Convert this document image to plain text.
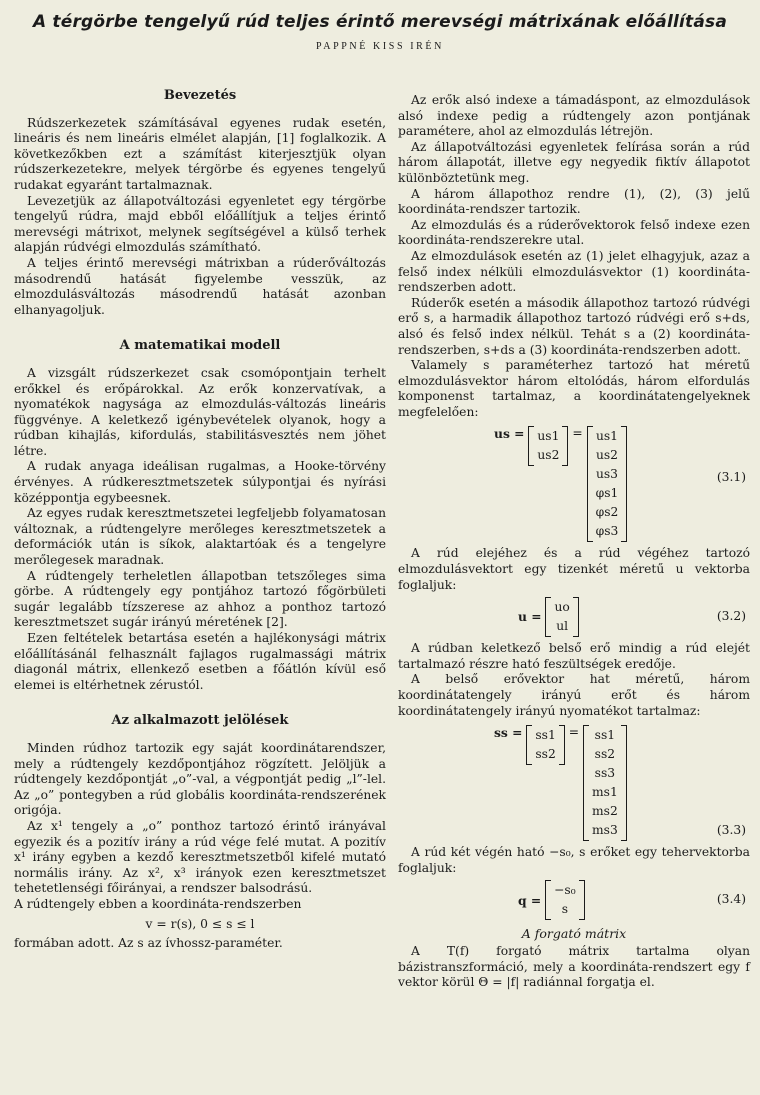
A térgörbe tengelyű rúd teljes érintő merevségi mátrixának előállítása
PAPPNÉ KISS IRÉN
Bevezetés

Rúdszerkezetek számításával egyenes rudak esetén, lineáris és nem lineáris elmélet alapján, [1] foglalkozik. A következőkben ezt a számítást kiterjesztjük olyan rúdszerkezetekre, melyek térgörbe és egyenes tengelyű rudakat egyaránt tartalmaznak.

Levezetjük az állapotváltozási egyenletet egy térgörbe tengelyű rúdra, majd ebből előállítjuk a teljes érintő merevségi mátrixot, melynek segítségével a külső terhek alapján rúdvégi elmozdulás számítható.

A teljes érintő merevségi mátrixban a rúderőváltozás másodrendű hatását figyelembe vesszük, az elmozdulásváltozás másodrendű hatását azonban elhanyagoljuk.

A matematikai modell

A vizsgált rúdszerkezet csak csomópontjain terhelt erőkkel és erőpárokkal. Az erők konzervatívak, a nyomatékok nagysága az elmozdulás-változás lineáris függvénye. A keletkező igénybevételek olyanok, hogy a rúdban kihajlás, kifordulás, stabilitásvesztés nem jöhet létre.

A rudak anyaga ideálisan rugalmas, a Hooke-törvény érvényes. A rúdkeresztmetszetek súlypontjai és nyírási középpontja egybeesnek.

Az egyes rudak keresztmetszetei legfeljebb folyamatosan változnak, a rúdtengelyre merőleges keresztmetszetek a deformációk után is síkok, alaktartóak és a tengelyre merőlegesek maradnak.

A rúdtengely terheletlen állapotban tetszőleges sima görbe. A rúdtengely egy pontjához tartozó főgörbületi sugár legalább tízszerese az ahhoz a ponthoz tartozó keresztmetszet sugár irányú méretének [2].

Ezen feltételek betartása esetén a hajlékonysági mátrix előállításánál felhasznált fajlagos rugalmassági mátrix diagonál mátrix, ellenkező esetben a főátlón kívül eső elemei is eltérhetnek zérustól.

Az alkalmazott jelölések

Minden rúdhoz tartozik egy saját koordinátarendszer, mely a rúdtengely kezdőpontjához rögzített. Jelöljük a rúdtengely kezdőpontját „o”-val, a végpontját pedig „l”-lel. Az „o” pontegyben a rúd globális koordináta-rendszerének origója.

Az x¹ tengely a „o” ponthoz tartozó érintő irányával egyezik és a pozitív irány a rúd vége felé mutat. A pozitív x¹ irány egyben a kezdő keresztmetszetből kifelé mutató normális irány. Az x², x³ irányok ezen keresztmetszet tehetetlenségi főirányai, a rendszer balsodrású.

A rúdtengely ebben a koordináta-rendszerben

v = r(s), 0 ≤ s ≤ l

formában adott. Az s az ívhossz-paraméter.

Az erők alsó indexe a támadáspont, az elmozdulások alsó indexe pedig a rúdtengely azon pontjának paramétere, ahol az elmozdulás létrejön.

Az állapotváltozási egyenletek felírása során a rúd három állapotát, illetve egy negyedik fiktív állapotot különböztetünk meg.

A három állapothoz rendre (1), (2), (3) jelű koordináta-rendszer tartozik.

Az elmozdulás és a rúderővektorok felső indexe ezen koordináta-rendszerekre utal.

Az elmozdulások esetén az (1) jelet elhagyjuk, azaz a felső index nélküli elmozdulásvektor (1) koordináta-rendszerben adott.

Rúderők esetén a második állapothoz tartozó rúdvégi erő s, a harmadik állapothoz tartozó rúdvégi erő s+ds, alsó és felső index nélkül. Tehát s a (2) koordináta-rendszerben, s+ds a (3) koordináta-rendszerben adott.

Valamely s paraméterhez tartozó hat méretű elmozdulásvektor három eltolódás, három elfordulás komponenst tartalmaz, a koordinátatengelyeknek megfelelően:

us = us1
us2
= us1
us2
us3
φs1
φs2
φs3
(3.1)

A rúd elejéhez és a rúd végéhez tartozó elmozdulásvektort egy tizenkét méretű u vektorba foglaljuk:

u =
uo
ul
(3.2)

A rúdban keletkező belső erő mindig a rúd elejét tartalmazó részre ható feszültségek eredője.

A belső erővektor hat méretű, három koordinátatengely irányú erőt és három koordinátatengely irányú nyomatékot tartalmaz:

ss = ss1
ss2
= ss1
ss2
ss3
ms1
ms2
ms3	(3.3)

A rúd két végén ható −s₀, s erőket egy tehervektorba foglaljuk:

q =
−s₀
s
(3.4)
A forgató mátrix

A T(f) forgató mátrix tartalma olyan bázistranszformáció, mely a koordináta-rendszert egy f vektor körül Θ = |f| radiánnal forgatja el.
